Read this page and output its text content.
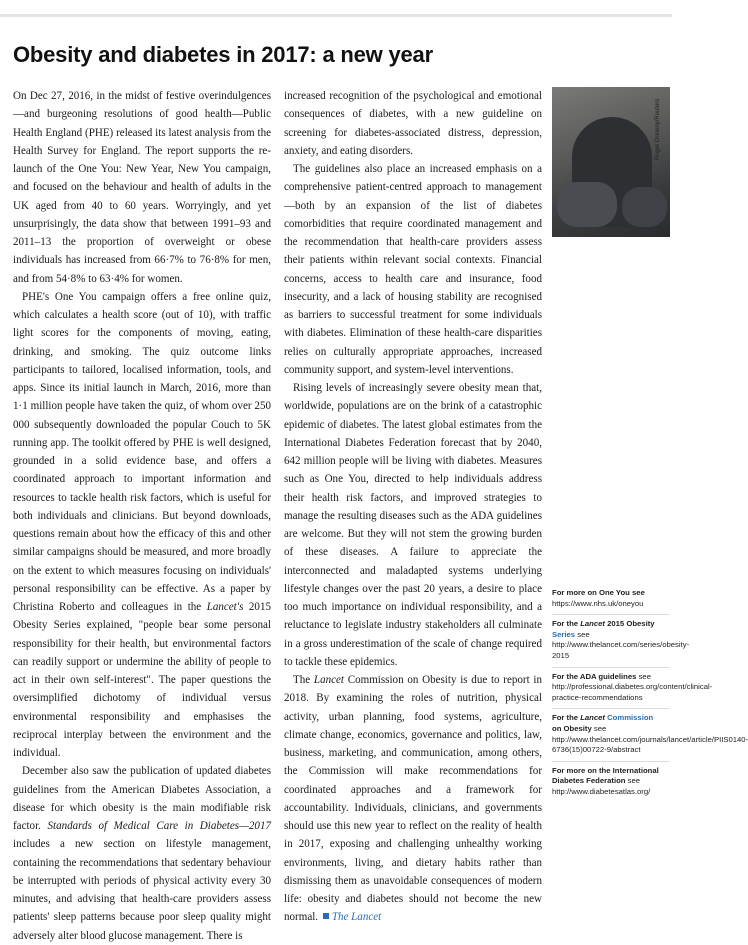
Obesity and diabetes in 2017: a new year

On Dec 27, 2016, in the midst of festive overindulgences—and burgeoning resolutions of good health—Public Health England (PHE) released its latest analysis from the Health Survey for England. The report supports the re-launch of the One You: New Year, New You campaign, and focused on the behaviour and health of adults in the UK aged from 40 to 60 years. Worryingly, and yet unsurprisingly, the data show that between 1991–93 and 2011–13 the proportion of overweight or obese individuals has increased from 66·7% to 76·8% for men, and from 54·8% to 63·4% for women.

PHE's One You campaign offers a free online quiz, which calculates a health score (out of 10), with traffic light scores for the components of moving, eating, drinking, and smoking. The quiz outcome links participants to tailored, localised information, tools, and apps. Since its initial launch in March, 2016, more than 1·1 million people have taken the quiz, of whom over 250 000 subsequently downloaded the popular Couch to 5K running app. The toolkit offered by PHE is well designed, grounded in a solid evidence base, and offers a coordinated approach to important information and resources to tackle health risk factors, which is useful for both individuals and clinicians. But beyond downloads, questions remain about how the efficacy of this and other similar campaigns should be measured, and more broadly on the extent to which measures focusing on individuals' personal responsibility can be effective. As a paper by Christina Roberto and colleagues in the Lancet's 2015 Obesity Series explained, "people bear some personal responsibility for their health, but environmental factors can readily support or undermine the ability of people to act in their own self-interest". The paper questions the oversimplified dichotomy of individual versus environmental responsibility and emphasises the reciprocal interplay between the environment and the individual.

December also saw the publication of updated diabetes guidelines from the American Diabetes Association, a disease for which obesity is the main modifiable risk factor. Standards of Medical Care in Diabetes—2017 includes a new section on lifestyle management, containing the recommendations that sedentary behaviour be interrupted with periods of physical activity every 30 minutes, and advising that health-care providers assess patients' sleep patterns because poor sleep quality might adversely alter blood glucose management. There is

increased recognition of the psychological and emotional consequences of diabetes, with a new guideline on screening for diabetes-associated distress, depression, anxiety, and eating disorders.

The guidelines also place an increased emphasis on a comprehensive patient-centred approach to management—both by an expansion of the list of diabetes comorbidities that require coordinated management and the recommendation that health-care providers assess their patients within relevant social contexts. Financial concerns, access to health care and insurance, food insecurity, and a lack of housing stability are recognised as barriers to successful treatment for some individuals with diabetes. Elimination of these health-care disparities relies on culturally appropriate approaches, increased community support, and system-level interventions.

Rising levels of increasingly severe obesity mean that, worldwide, populations are on the brink of a catastrophic epidemic of diabetes. The latest global estimates from the International Diabetes Federation forecast that by 2040, 642 million people will be living with diabetes. Measures such as One You, directed to help individuals address their health risk factors, and improved strategies to manage the resulting diseases such as the ADA guidelines are welcome. But they will not stem the growing burden of these diseases. A failure to appreciate the interconnected and maladapted systems underlying lifestyle changes over the past 20 years, a desire to place too much importance on individual responsibility, and a reluctance to legislate industry stakeholders all culminate in a gross underestimation of the scale of change required to tackle these epidemics.

The Lancet Commission on Obesity is due to report in 2018. By examining the roles of nutrition, physical activity, urban planning, food systems, agriculture, climate change, economics, governance and politics, law, business, marketing, and communication, among others, the Commission will make recommendations for coordinated approaches and a framework for accountability. Individuals, clinicians, and governments should use this new year to reflect on the reality of health in 2017, exposing and challenging unhealthy working environments, living, and dietary habits rather than dismissing them as unavoidable consequences of modern life: obesity and diabetes should not become the new normal. The Lancet

Roger Doneny/Reuters

For more on One You see
https://www.nhs.uk/oneyou

For the Lancet 2015 Obesity
Series see http://www.thelancet.com/series/obesity-2015

For the ADA guidelines see http://professional.diabetes.org/content/clinical-practice-recommendations

For the Lancet Commission
on Obesity see http://www.thelancet.com/journals/lancet/article/PIIS0140-6736(15)00722-9/abstract

For more on the International Diabetes Federation see http://www.diabetesatlas.org/
